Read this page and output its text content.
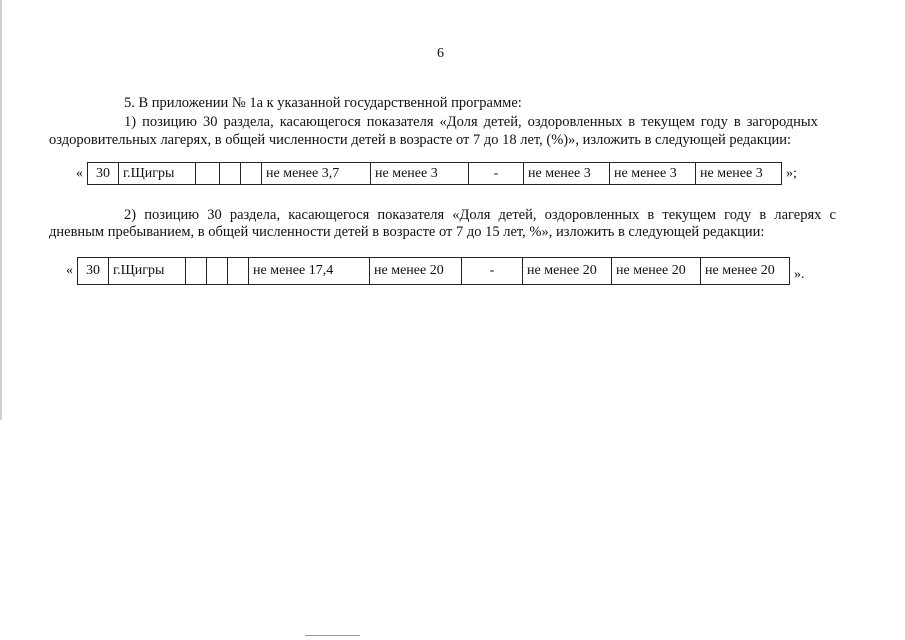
6

5. В приложении № 1а к указанной государственной программе:

1) позицию 30 раздела, касающегося показателя «Доля детей, оздоровленных в текущем году в загородных

оздоровительных лагерях, в общей численности детей в возрасте от 7 до 18 лет, (%)», изложить в следующей редакции:

« 30	г.Щигры				не менее 3,7	не менее 3	-	не менее 3	не менее 3	не менее 3 »;
2) позицию 30 раздела, касающегося показателя «Доля детей, оздоровленных в текущем году в лагерях с

дневным пребыванием, в общей численности детей в возрасте от 7 до 15 лет, %», изложить в следующей редакции:

« 30	г.Щигры				не менее 17,4	не менее 20	-	не менее 20	не менее 20	не менее 20 ».
